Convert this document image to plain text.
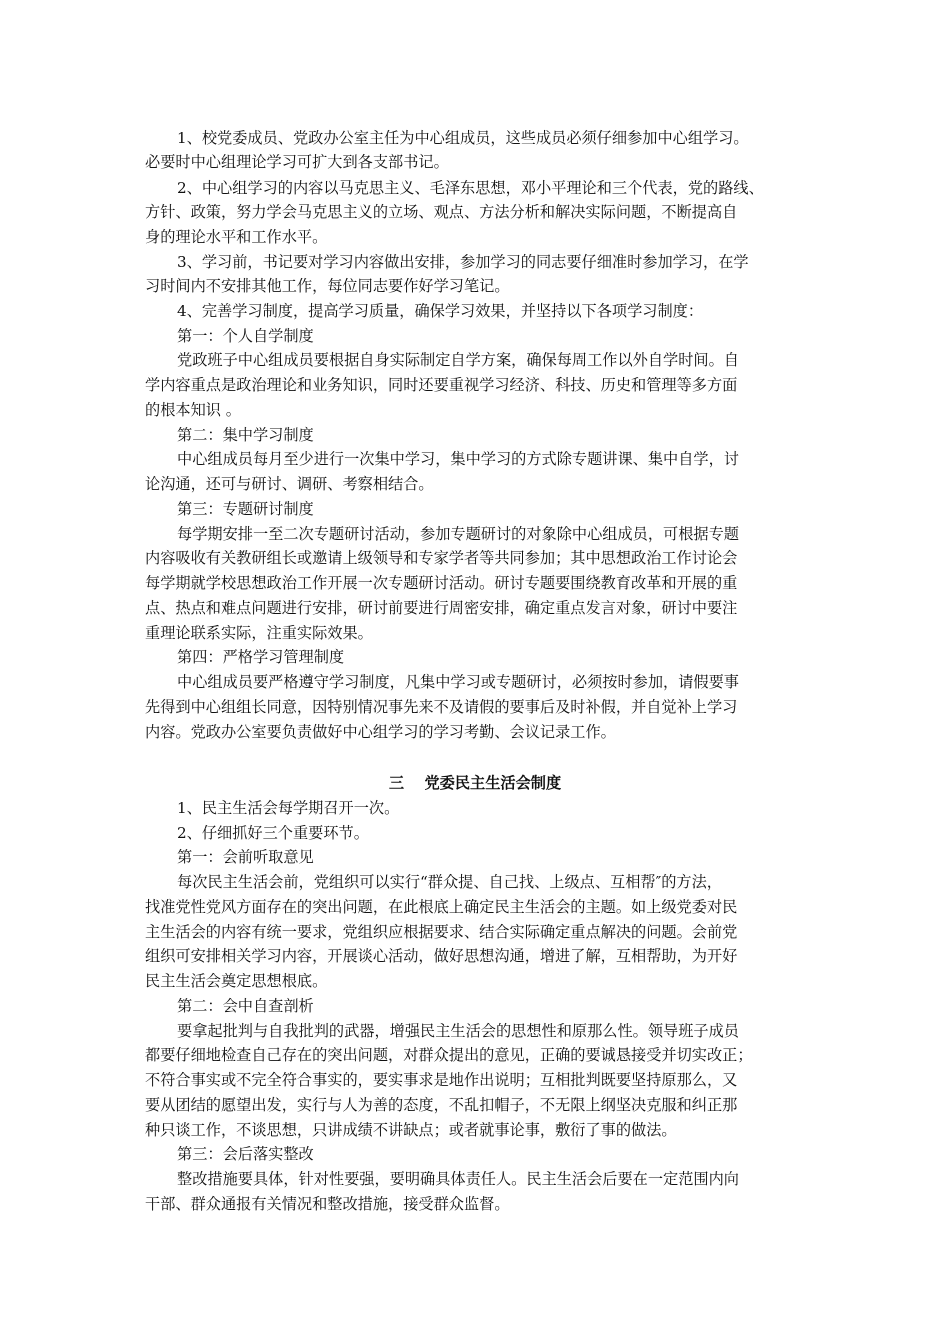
1、校党委成员、党政办公室主任为中心组成员，这些成员必须仔细参加中心组学习。
必要时中心组理论学习可扩大到各支部书记。
2、中心组学习的内容以马克思主义、毛泽东思想，邓小平理论和三个代表，党的路线、
方针、政策，努力学会马克思主义的立场、观点、方法分析和解决实际问题，不断提高自
身的理论水平和工作水平。
3、学习前，书记要对学习内容做出安排，参加学习的同志要仔细准时参加学习，在学
习时间内不安排其他工作，每位同志要作好学习笔记。
4、完善学习制度，提高学习质量，确保学习效果，并坚持以下各项学习制度：
第一：个人自学制度
党政班子中心组成员要根据自身实际制定自学方案，确保每周工作以外自学时间。自
学内容重点是政治理论和业务知识，同时还要重视学习经济、科技、历史和管理等多方面
的根本知识 。
第二：集中学习制度
中心组成员每月至少进行一次集中学习，集中学习的方式除专题讲课、集中自学，讨
论沟通，还可与研讨、调研、考察相结合。
第三：专题研讨制度
每学期安排一至二次专题研讨活动，参加专题研讨的对象除中心组成员，可根据专题
内容吸收有关教研组长或邀请上级领导和专家学者等共同参加；其中思想政治工作讨论会
每学期就学校思想政治工作开展一次专题研讨活动。研讨专题要围绕教育改革和开展的重
点、热点和难点问题进行安排，研讨前要进行周密安排，确定重点发言对象，研讨中要注
重理论联系实际，注重实际效果。
第四：严格学习管理制度
中心组成员要严格遵守学习制度，凡集中学习或专题研讨，必须按时参加，请假要事
先得到中心组组长同意，因特别情况事先来不及请假的要事后及时补假，并自觉补上学习
内容。党政办公室要负责做好中心组学习的学习考勤、会议记录工作。
三　 党委民主生活会制度
1、民主生活会每学期召开一次。
2、仔细抓好三个重要环节。
第一：会前听取意见
每次民主生活会前，党组织可以实行“群众提、自己找、上级点、互相帮″的方法，
找准党性党风方面存在的突出问题，在此根底上确定民主生活会的主题。如上级党委对民
主生活会的内容有统一要求，党组织应根据要求、结合实际确定重点解决的问题。会前党
组织可安排相关学习内容，开展谈心活动，做好思想沟通，增进了解，互相帮助，为开好
民主生活会奠定思想根底。
第二：会中自查剖析
要拿起批判与自我批判的武器，增强民主生活会的思想性和原那么性。领导班子成员
都要仔细地检查自己存在的突出问题，对群众提出的意见，正确的要诚恳接受并切实改正；
不符合事实或不完全符合事实的，要实事求是地作出说明；互相批判既要坚持原那么，又
要从团结的愿望出发，实行与人为善的态度，不乱扣帽子，不无限上纲坚决克服和纠正那
种只谈工作，不谈思想，只讲成绩不讲缺点；或者就事论事，敷衍了事的做法。
第三：会后落实整改
整改措施要具体，针对性要强，要明确具体责任人。民主生活会后要在一定范围内向
干部、群众通报有关情况和整改措施，接受群众监督。
